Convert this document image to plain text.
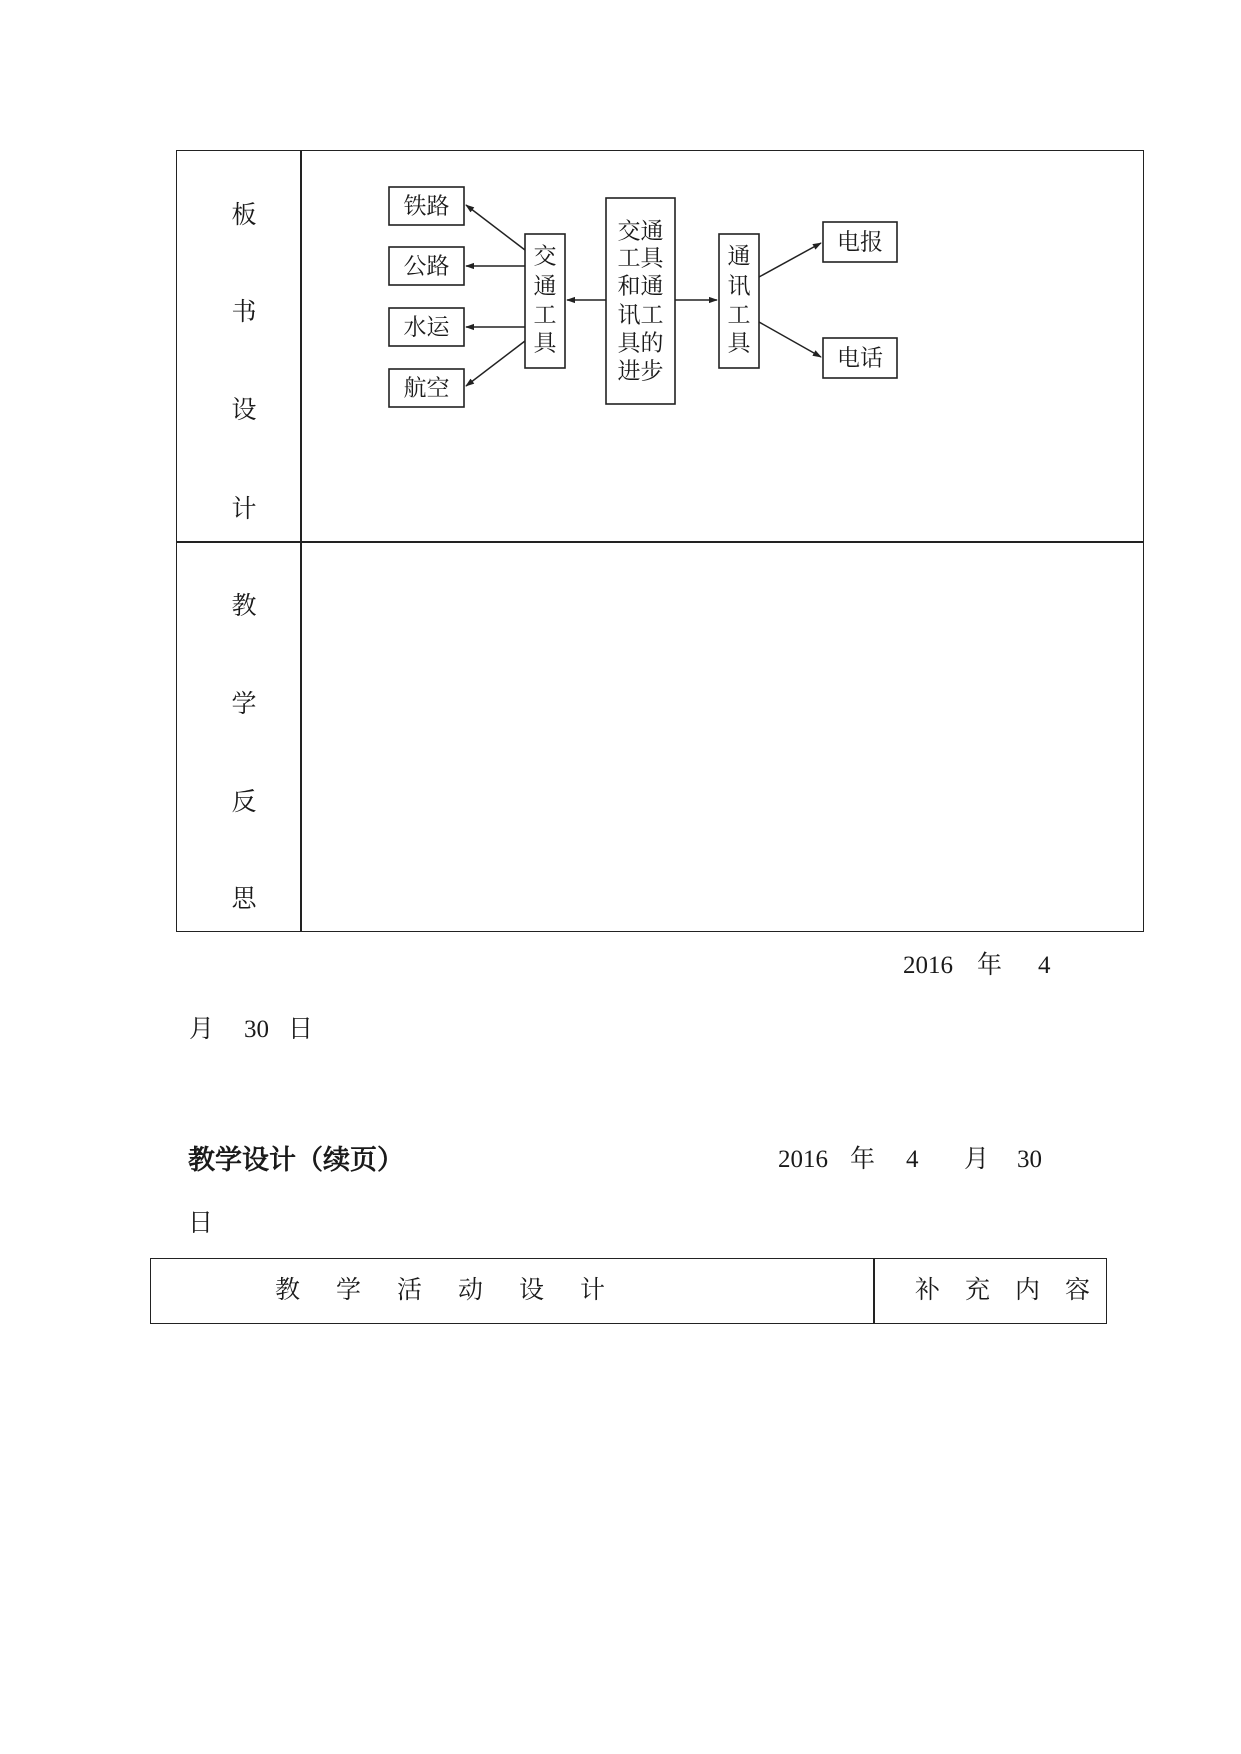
板
书
设
计
教
学
反
思
铁路
公路
水运
航空
交
通
工
具
交通
工具
和通
讯工
具的
进步
通
讯
工
具
电报
电话
2016 年 4
月 30 日
教学设计（续页）	2016 年 4 月 30
日
教学活动设计	补充内容
